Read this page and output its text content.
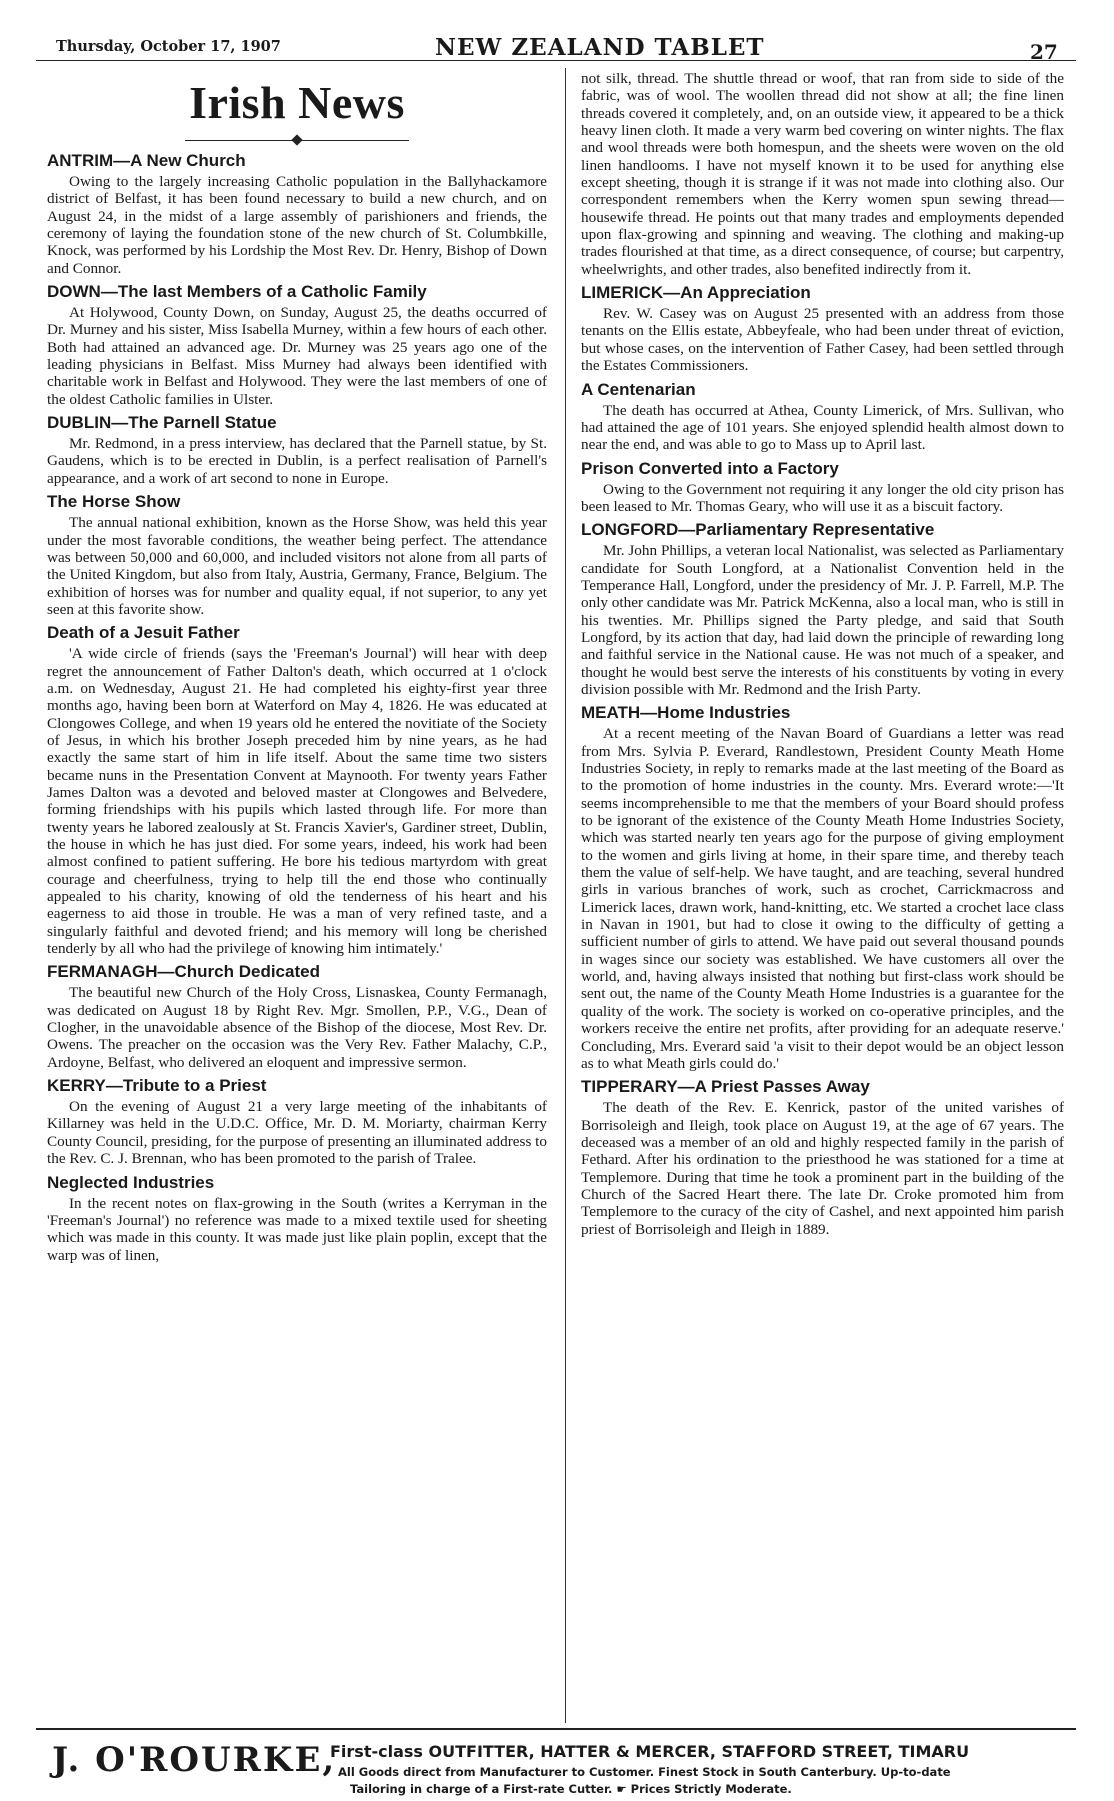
Thursday, October 17, 1907	NEW ZEALAND TABLET	27
Irish News
ANTRIM—A New Church

Owing to the largely increasing Catholic population in the Ballyhackamore district of Belfast, it has been found necessary to build a new church, and on August 24, in the midst of a large assembly of parishioners and friends, the ceremony of laying the foundation stone of the new church of St. Columbkille, Knock, was performed by his Lordship the Most Rev. Dr. Henry, Bishop of Down and Connor.

DOWN—The last Members of a Catholic Family

At Holywood, County Down, on Sunday, August 25, the deaths occurred of Dr. Murney and his sister, Miss Isabella Murney, within a few hours of each other. Both had attained an advanced age. Dr. Murney was 25 years ago one of the leading physicians in Belfast. Miss Murney had always been identified with charitable work in Belfast and Holywood. They were the last members of one of the oldest Catholic families in Ulster.

DUBLIN—The Parnell Statue

Mr. Redmond, in a press interview, has declared that the Parnell statue, by St. Gaudens, which is to be erected in Dublin, is a perfect realisation of Parnell's appearance, and a work of art second to none in Europe.

The Horse Show

The annual national exhibition, known as the Horse Show, was held this year under the most favorable conditions, the weather being perfect. The attendance was between 50,000 and 60,000, and included visitors not alone from all parts of the United Kingdom, but also from Italy, Austria, Germany, France, Belgium. The exhibition of horses was for number and quality equal, if not superior, to any yet seen at this favorite show.

Death of a Jesuit Father

'A wide circle of friends (says the 'Freeman's Journal') will hear with deep regret the announcement of Father Dalton's death, which occurred at 1 o'clock a.m. on Wednesday, August 21. He had completed his eighty-first year three months ago, having been born at Waterford on May 4, 1826. He was educated at Clongowes College, and when 19 years old he entered the novitiate of the Society of Jesus, in which his brother Joseph preceded him by nine years, as he had exactly the same start of him in life itself. About the same time two sisters became nuns in the Presentation Convent at Maynooth. For twenty years Father James Dalton was a devoted and beloved master at Clongowes and Belvedere, forming friendships with his pupils which lasted through life. For more than twenty years he labored zealously at St. Francis Xavier's, Gardiner street, Dublin, the house in which he has just died. For some years, indeed, his work had been almost confined to patient suffering. He bore his tedious martyrdom with great courage and cheerfulness, trying to help till the end those who continually appealed to his charity, knowing of old the tenderness of his heart and his eagerness to aid those in trouble. He was a man of very refined taste, and a singularly faithful and devoted friend; and his memory will long be cherished tenderly by all who had the privilege of knowing him intimately.'

FERMANAGH—Church Dedicated

The beautiful new Church of the Holy Cross, Lisnaskea, County Fermanagh, was dedicated on August 18 by Right Rev. Mgr. Smollen, P.P., V.G., Dean of Clogher, in the unavoidable absence of the Bishop of the diocese, Most Rev. Dr. Owens. The preacher on the occasion was the Very Rev. Father Malachy, C.P., Ardoyne, Belfast, who delivered an eloquent and impressive sermon.

KERRY—Tribute to a Priest

On the evening of August 21 a very large meeting of the inhabitants of Killarney was held in the U.D.C. Office, Mr. D. M. Moriarty, chairman Kerry County Council, presiding, for the purpose of presenting an illuminated address to the Rev. C. J. Brennan, who has been promoted to the parish of Tralee.

Neglected Industries

In the recent notes on flax-growing in the South (writes a Kerryman in the 'Freeman's Journal') no reference was made to a mixed textile used for sheeting which was made in this county. It was made just like plain poplin, except that the warp was of linen,

not silk, thread. The shuttle thread or woof, that ran from side to side of the fabric, was of wool. The woollen thread did not show at all; the fine linen threads covered it completely, and, on an outside view, it appeared to be a thick heavy linen cloth. It made a very warm bed covering on winter nights. The flax and wool threads were both homespun, and the sheets were woven on the old linen handlooms. I have not myself known it to be used for anything else except sheeting, though it is strange if it was not made into clothing also. Our correspondent remembers when the Kerry women spun sewing thread—housewife thread. He points out that many trades and employments depended upon flax-growing and spinning and weaving. The clothing and making-up trades flourished at that time, as a direct consequence, of course; but carpentry, wheelwrights, and other trades, also benefited indirectly from it.

LIMERICK—An Appreciation

Rev. W. Casey was on August 25 presented with an address from those tenants on the Ellis estate, Abbeyfeale, who had been under threat of eviction, but whose cases, on the intervention of Father Casey, had been settled through the Estates Commissioners.

A Centenarian

The death has occurred at Athea, County Limerick, of Mrs. Sullivan, who had attained the age of 101 years. She enjoyed splendid health almost down to near the end, and was able to go to Mass up to April last.

Prison Converted into a Factory

Owing to the Government not requiring it any longer the old city prison has been leased to Mr. Thomas Geary, who will use it as a biscuit factory.

LONGFORD—Parliamentary Representative

Mr. John Phillips, a veteran local Nationalist, was selected as Parliamentary candidate for South Longford, at a Nationalist Convention held in the Temperance Hall, Longford, under the presidency of Mr. J. P. Farrell, M.P. The only other candidate was Mr. Patrick McKenna, also a local man, who is still in his twenties. Mr. Phillips signed the Party pledge, and said that South Longford, by its action that day, had laid down the principle of rewarding long and faithful service in the National cause. He was not much of a speaker, and thought he would best serve the interests of his constituents by voting in every division possible with Mr. Redmond and the Irish Party.

MEATH—Home Industries

At a recent meeting of the Navan Board of Guardians a letter was read from Mrs. Sylvia P. Everard, Randlestown, President County Meath Home Industries Society, in reply to remarks made at the last meeting of the Board as to the promotion of home industries in the county. Mrs. Everard wrote:—'It seems incomprehensible to me that the members of your Board should profess to be ignorant of the existence of the County Meath Home Industries Society, which was started nearly ten years ago for the purpose of giving employment to the women and girls living at home, in their spare time, and thereby teach them the value of self-help. We have taught, and are teaching, several hundred girls in various branches of work, such as crochet, Carrickmacross and Limerick laces, drawn work, hand-knitting, etc. We started a crochet lace class in Navan in 1901, but had to close it owing to the difficulty of getting a sufficient number of girls to attend. We have paid out several thousand pounds in wages since our society was established. We have customers all over the world, and, having always insisted that nothing but first-class work should be sent out, the name of the County Meath Home Industries is a guarantee for the quality of the work. The society is worked on co-operative principles, and the workers receive the entire net profits, after providing for an adequate reserve.' Concluding, Mrs. Everard said 'a visit to their depot would be an object lesson as to what Meath girls could do.'

TIPPERARY—A Priest Passes Away

The death of the Rev. E. Kenrick, pastor of the united varishes of Borrisoleigh and Ileigh, took place on August 19, at the age of 67 years. The deceased was a member of an old and highly respected family in the parish of Fethard. After his ordination to the priesthood he was stationed for a time at Templemore. During that time he took a prominent part in the building of the Church of the Sacred Heart there. The late Dr. Croke promoted him from Templemore to the curacy of the city of Cashel, and next appointed him parish priest of Borrisoleigh and Ileigh in 1889.

J. O'ROURKE,
First-class OUTFITTER, HATTER & MERCER, STAFFORD STREET, TIMARU
All Goods direct from Manufacturer to Customer. Finest Stock in South Canterbury. Up-to-date
Tailoring in charge of a First-rate Cutter. ☛ Prices Strictly Moderate.
